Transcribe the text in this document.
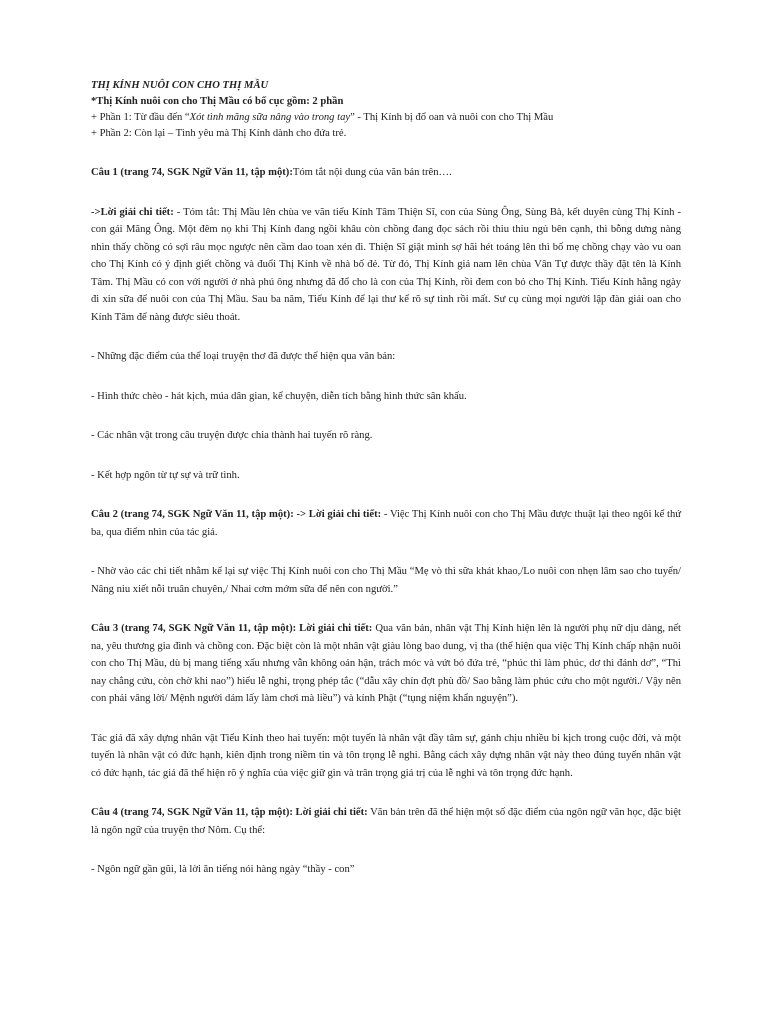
THỊ KÍNH NUÔI CON CHO THỊ MẦU
*Thị Kính nuôi con cho Thị Mầu có bố cục gồm: 2 phần
+ Phần 1: Từ đầu đến “Xót tình măng sữa nâng vào trong tay” - Thị Kính bị đổ oan và nuôi con cho Thị Mầu
+ Phần 2: Còn lại – Tình yêu mà Thị Kính dành cho đứa trẻ.

Câu 1 (trang 74, SGK Ngữ Văn 11, tập một):Tóm tắt nội dung của văn bản trên….

->Lời giải chi tiết: - Tóm tắt: Thị Mầu lên chùa ve vãn tiểu Kính Tâm Thiện Sĩ, con của Sùng Ông, Sùng Bà, kết duyên cùng Thị Kính - con gái Mãng Ông. Một đêm nọ khi Thị Kính đang ngồi khâu còn chồng đang đọc sách rồi thiu thiu ngủ bên cạnh, thì bỗng dưng nàng nhìn thấy chồng có sợi râu mọc ngược nên cầm dao toan xén đi. Thiện Sĩ giật mình sợ hãi hét toáng lên thì bố mẹ chồng chạy vào vu oan cho Thị Kính có ý định giết chồng và đuổi Thị Kính về nhà bố đẻ. Từ đó, Thị Kính giả nam lên chùa Vân Tự được thầy đặt tên là Kính Tâm. Thị Mầu có con với người ở nhà phú ông nhưng đã đổ cho là con của Thị Kính, rồi đem con bỏ cho Thị Kính. Tiểu Kính hằng ngày đi xin sữa để nuôi con của Thị Mầu. Sau ba năm, Tiểu Kính để lại thư kể rõ sự tình rồi mất. Sư cụ cùng mọi người lập đàn giải oan cho Kính Tâm để nàng được siêu thoát.

- Những đặc điểm của thể loại truyện thơ đã được thể hiện qua văn bản:

- Hình thức chèo - hát kịch, múa dân gian, kể chuyện, diễn tích bằng hình thức sân khấu.

- Các nhân vật trong câu truyện được chia thành hai tuyến rõ ràng.

- Kết hợp ngôn từ tự sự và trữ tình.

Câu 2 (trang 74, SGK Ngữ Văn 11, tập một): -> Lời giải chi tiết: - Việc Thị Kính nuôi con cho Thị Mầu được thuật lại theo ngôi kể thứ ba, qua điểm nhìn của tác giả.

- Nhờ vào các chi tiết nhằm kể lại sự việc Thị Kính nuôi con cho Thị Mầu “Mẹ vò thì sữa khát khao,/Lo nuôi con nhẹn lâm sao cho tuyển/ Nâng niu xiết nỗi truân chuyên,/ Nhai cơm mớm sữa để nên con người.”

Câu 3 (trang 74, SGK Ngữ Văn 11, tập một): Lời giải chi tiết: Qua văn bản, nhân vật Thị Kính hiện lên là người phụ nữ dịu dàng, nết na, yêu thương gia đình và chồng con. Đặc biệt còn là một nhân vật giàu lòng bao dung, vị tha (thể hiện qua việc Thị Kính chấp nhận nuôi con cho Thị Mầu, dù bị mang tiếng xấu nhưng vẫn không oán hận, trách móc và vứt bỏ đứa trẻ, “phúc thì làm phúc, dơ thì đánh dơ”, “Thì nay chẳng cứu, còn chờ khi nao”) hiểu lễ nghi, trọng phép tắc (“dẫu xây chín đợt phù đồ/ Sao bằng làm phúc cứu cho một người./ Vậy nên con phải vâng lời/ Mệnh người dám lấy làm chơi mà liều”) và kính Phật (“tụng niệm khẩn nguyện”).

Tác giả đã xây dựng nhân vật Tiểu Kính theo hai tuyến: một tuyến là nhân vật đầy tâm sự, gánh chịu nhiều bi kịch trong cuộc đời, và một tuyến là nhân vật có đức hạnh, kiên định trong niềm tin và tôn trọng lễ nghi. Bằng cách xây dựng nhân vật này theo đúng tuyến nhân vật có đức hạnh, tác giả đã thể hiện rõ ý nghĩa của việc giữ gìn và trân trọng giá trị của lễ nghi và tôn trọng đức hạnh.

Câu 4 (trang 74, SGK Ngữ Văn 11, tập một): Lời giải chi tiết: Văn bản trên đã thể hiện một số đặc điểm của ngôn ngữ văn học, đặc biệt là ngôn ngữ của truyện thơ Nôm. Cụ thể:

- Ngôn ngữ gần gũi, là lời ăn tiếng nói hàng ngày “thầy - con”
